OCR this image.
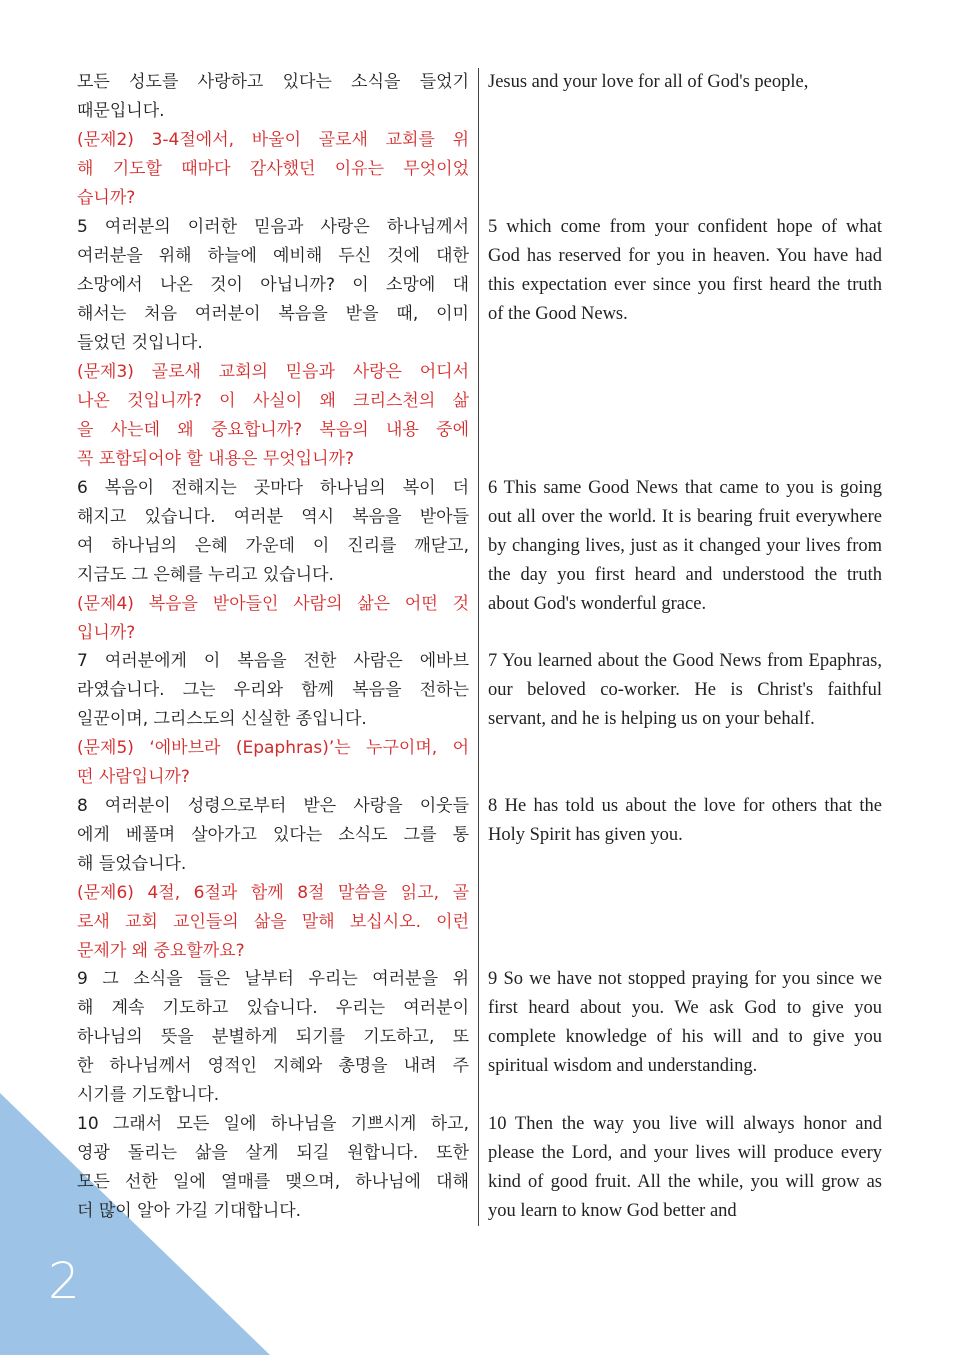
2

모든 성도를 사랑하고 있다는 소식을 들었기

때문입니다.

(문제2) 3-4절에서, 바울이 골로새 교회를 위

해 기도할 때마다 감사했던 이유는 무엇이었

습니까?

Jesus and your love for all of God's people,

5 여러분의 이러한 믿음과 사랑은 하나님께서

여러분을 위해 하늘에 예비해 두신 것에 대한

소망에서 나온 것이 아닙니까? 이 소망에 대

해서는 처음 여러분이 복음을 받을 때, 이미

들었던 것입니다.

(문제3) 골로새 교회의 믿음과 사랑은 어디서

나온 것입니까? 이 사실이 왜 크리스천의 삶

을 사는데 왜 중요합니까? 복음의 내용 중에

꼭 포함되어야 할 내용은 무엇입니까?

5 which come from your confident hope of what God has reserved for you in heaven. You have had this expectation ever since you first heard the truth of the Good News.

6 복음이 전해지는 곳마다 하나님의 복이 더

해지고 있습니다. 여러분 역시 복음을 받아들

여 하나님의 은혜 가운데 이 진리를 깨닫고,

지금도 그 은혜를 누리고 있습니다.

(문제4) 복음을 받아들인 사람의 삶은 어떤 것

입니까?

6 This same Good News that came to you is going out all over the world. It is bearing fruit everywhere by changing lives, just as it changed your lives from the day you first heard and understood the truth about God's wonderful grace.

7 여러분에게 이 복음을 전한 사람은 에바브

라였습니다. 그는 우리와 함께 복음을 전하는

일꾼이며, 그리스도의 신실한 종입니다.

(문제5) ‘에바브라 (Epaphras)’는 누구이며, 어

떤 사람입니까?

7 You learned about the Good News from Epaphras, our beloved co-worker. He is Christ's faithful servant, and he is helping us on your behalf.

8 여러분이 성령으로부터 받은 사랑을 이웃들

에게 베풀며 살아가고 있다는 소식도 그를 통

해 들었습니다.

(문제6) 4절, 6절과 함께 8절 말씀을 읽고, 골

로새 교회 교인들의 삶을 말해 보십시오. 이런

문제가 왜 중요할까요?

8 He has told us about the love for others that the Holy Spirit has given you.

9 그 소식을 들은 날부터 우리는 여러분을 위

해 계속 기도하고 있습니다. 우리는 여러분이

하나님의 뜻을 분별하게 되기를 기도하고, 또

한 하나님께서 영적인 지혜와 총명을 내려 주

시기를 기도합니다.

9 So we have not stopped praying for you since we first heard about you. We ask God to give you complete knowledge of his will and to give you spiritual wisdom and understanding.

10 그래서 모든 일에 하나님을 기쁘시게 하고,

영광 돌리는 삶을 살게 되길 원합니다. 또한

모든 선한 일에 열매를 맺으며, 하나님에 대해

더 많이 알아 가길 기대합니다.

10 Then the way you live will always honor and please the Lord, and your lives will produce every kind of good fruit. All the while, you will grow as you learn to know God better and
